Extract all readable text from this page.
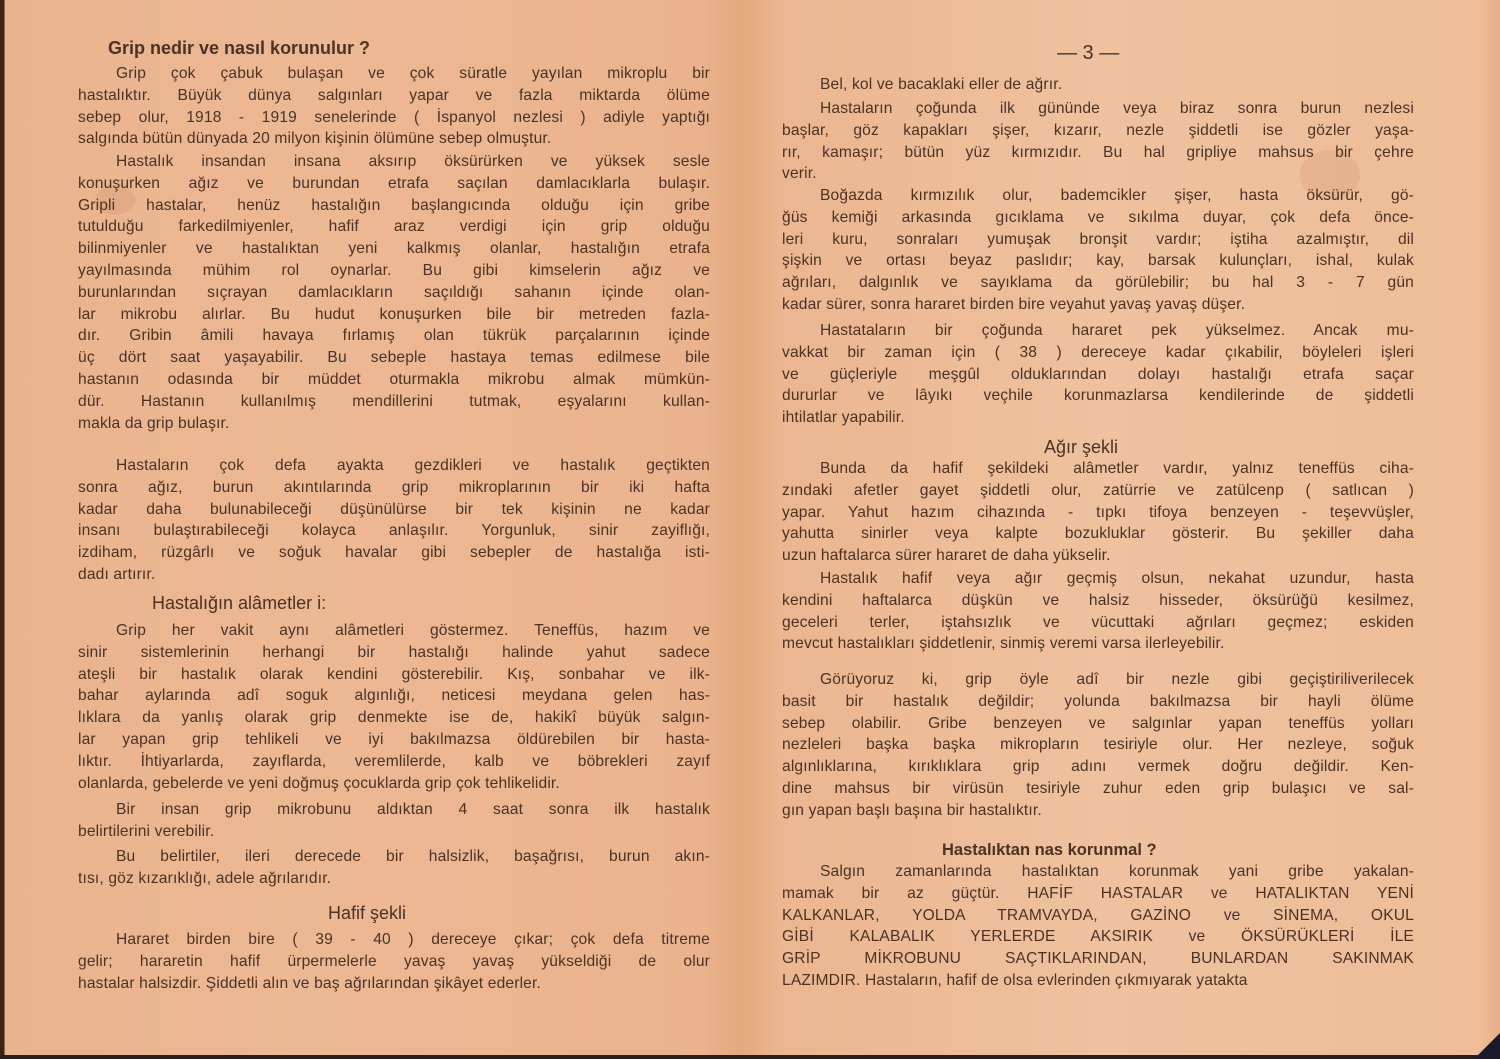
Grip nedir ve nasıl korunulur ?
Grip çok çabuk bulaşan ve çok süratle yayılan mikroplu bir
hastalıktır. Büyük dünya salgınları yapar ve fazla miktarda ölüme
sebep olur, 1918 - 1919 senelerinde ( İspanyol nezlesi ) adiyle yaptığı
salgında bütün dünyada 20 milyon kişinin ölümüne sebep olmuştur.
Hastalık insandan insana aksırıp öksürürken ve yüksek sesle
konuşurken ağız ve burundan etrafa saçılan damlacıklarla bulaşır.
Gripli hastalar, henüz hastalığın başlangıcında olduğu için gribe
tutulduğu farkedilmiyenler, hafif araz verdigi için grip olduğu
bilinmiyenler ve hastalıktan yeni kalkmış olanlar, hastalığın etrafa
yayılmasında mühim rol oynarlar. Bu gibi kimselerin ağız ve
burunlarından sıçrayan damlacıkların saçıldığı sahanın içinde olan-
lar mikrobu alırlar. Bu hudut konuşurken bile bir metreden fazla-
dır. Gribin âmili havaya fırlamış olan tükrük parçalarının içinde
üç dört saat yaşayabilir. Bu sebeple hastaya temas edilmese bile
hastanın odasında bir müddet oturmakla mikrobu almak mümkün-
dür. Hastanın kullanılmış mendillerini tutmak, eşyalarını kullan-
makla da grip bulaşır.
Hastaların çok defa ayakta gezdikleri ve hastalık geçtikten
sonra ağız, burun akıntılarında grip mikroplarının bir iki hafta
kadar daha bulunabileceği düşünülürse bir tek kişinin ne kadar
insanı bulaştırabileceği kolayca anlaşılır. Yorgunluk, sinir zayiflığı,
izdiham, rüzgârlı ve soğuk havalar gibi sebepler de hastalığa isti-
dadı artırır.
Hastalığın alâmetler i:
Grip her vakit aynı alâmetleri göstermez. Teneffüs, hazım ve
sinir sistemlerinin herhangi bir hastalığı halinde yahut sadece
ateşli bir hastalık olarak kendini gösterebilir. Kış, sonbahar ve ilk-
bahar aylarında adî soguk algınlığı, neticesi meydana gelen has-
lıklara da yanlış olarak grip denmekte ise de, hakikî büyük salgın-
lar yapan grip tehlikeli ve iyi bakılmazsa öldürebilen bir hasta-
lıktır. İhtiyarlarda, zayıflarda, veremlilerde, kalb ve böbrekleri zayıf
olanlarda, gebelerde ve yeni doğmuş çocuklarda grip çok tehlikelidir.
Bir insan grip mikrobunu aldıktan 4 saat sonra ilk hastalık
belirtilerini verebilir.
Bu belirtiler, ileri derecede bir halsizlik, başağrısı, burun akın-
tısı, göz kızarıklığı, adele ağrılarıdır.
Hafif şekli
Hararet birden bire ( 39 - 40 ) dereceye çıkar; çok defa titreme
gelir; hararetin hafif ürpermelerle yavaş yavaş yükseldiği de olur
hastalar halsizdir. Şiddetli alın ve baş ağrılarından şikâyet ederler.
— 3 —
Bel, kol ve bacaklaki eller de ağrır.
Hastaların çoğunda ilk gününde veya biraz sonra burun nezlesi
başlar, göz kapakları şişer, kızarır, nezle şiddetli ise gözler yaşa-
rır, kamaşır; bütün yüz kırmızıdır. Bu hal gripliye mahsus bir çehre
verir.
Boğazda kırmızılık olur, bademcikler şişer, hasta öksürür, gö-
ğüs kemiği arkasında gıcıklama ve sıkılma duyar, çok defa önce-
leri kuru, sonraları yumuşak bronşit vardır; iştiha azalmıştır, dil
şişkin ve ortası beyaz paslıdır; kay, barsak kulunçları, ishal, kulak
ağrıları, dalgınlık ve sayıklama da görülebilir; bu hal 3 - 7 gün
kadar sürer, sonra hararet birden bire veyahut yavaş yavaş düşer.
Hastataların bir çoğunda hararet pek yükselmez. Ancak mu-
vakkat bir zaman için ( 38 ) dereceye kadar çıkabilir, böyleleri işleri
ve güçleriyle meşgûl olduklarından dolayı hastalığı etrafa saçar
dururlar ve lâyıkı veçhile korunmazlarsa kendilerinde de şiddetli
ihtilatlar yapabilir.
Ağır şekli
Bunda da hafif şekildeki alâmetler vardır, yalnız teneffüs cihа-
zındaki afetler gayet şiddetli olur, zatürrie ve zatülcenp ( satlıcan )
yapar. Yahut hazım cihazında - tıpkı tifoya benzeyen - teşevvüşler,
yahutta sinirler veya kalpte bozukluklar gösterir. Bu şekiller daha
uzun haftalarca sürer hararet de daha yükselir.
Hastalık hafif veya ağır geçmiş olsun, nekahat uzundur, hasta
kendini haftalarca düşkün ve halsiz hisseder, öksürüğü kesilmez,
geceleri terler, iştahsızlık ve vücuttaki ağrıları geçmez; eskiden
mevcut hastalıkları şiddetlenir, sinmiş veremi varsa ilerleyebilir.
Görüyoruz ki, grip öyle adî bir nezle gibi geçiştiriliverilecek
basit bir hastalık değildir; yolunda bakılmazsa bir hayli ölüme
sebep olabilir. Gribe benzeyen ve salgınlar yapan teneffüs yolları
nezleleri başka başka mikropların tesiriyle olur. Her nezleye, soğuk
algınlıklarına, kırıklıklara grip adını vermek doğru değildir. Ken-
dine mahsus bir virüsün tesiriyle zuhur eden grip bulaşıcı ve sal-
gın yapan başlı başına bir hastalıktır.
Hastalıktan nas korunmal ?
Salgın zamanlarında hastalıktan korunmak yani gribe yakalan-
mamak bir az güçtür. HAFİF HASTALAR ve HATALIKTAN YENİ
KALKANLAR, YOLDA TRAMVAYDA, GAZİNO ve SİNEMA, OKUL
GİBİ KALABALIK YERLERDE AKSIRIK ve ÖKSÜRÜKLERİ İLE
GRİP MİKROBUNU SAÇTIKLARINDAN, BUNLARDAN SAKINMAK
LAZIMDIR. Hastaların, hafif de olsa evlerinden çıkmıyarak yatakta
